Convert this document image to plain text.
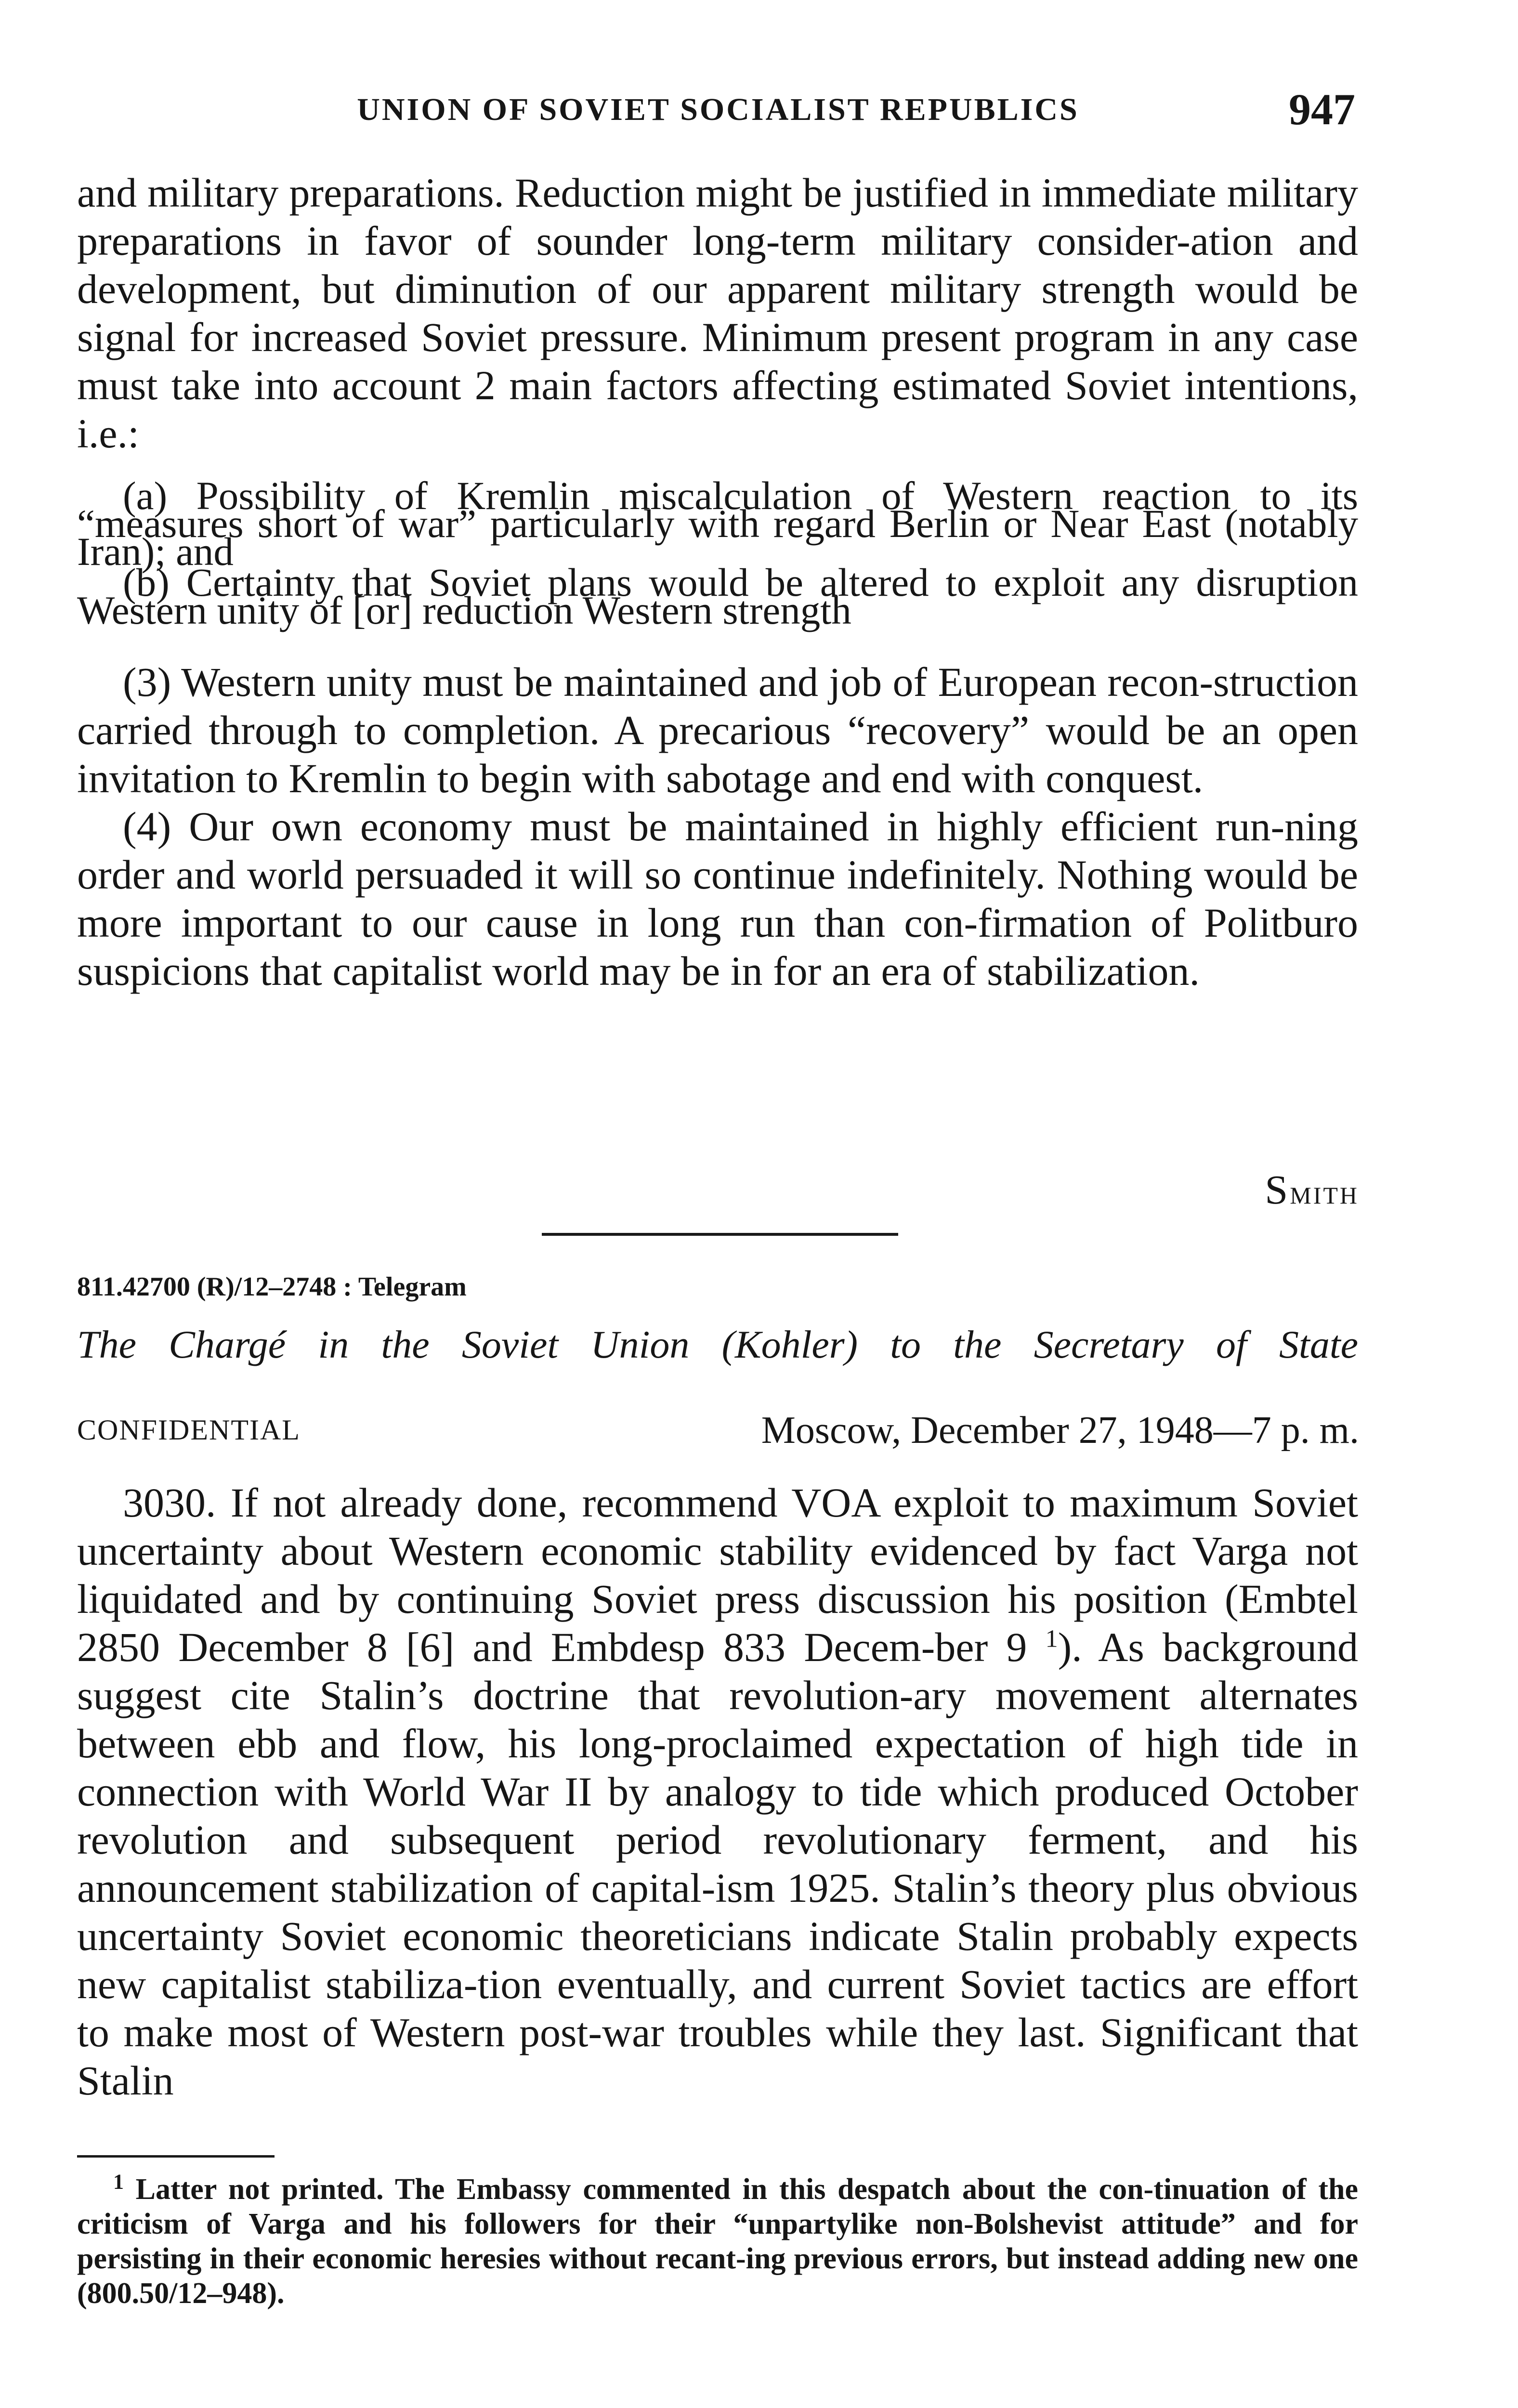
UNION OF SOVIET SOCIALIST REPUBLICS	947

and military preparations. Reduction might be justified in immediate military preparations in favor of sounder long-term military consider-ation and development, but diminution of our apparent military strength would be signal for increased Soviet pressure. Minimum present program in any case must take into account 2 main factors affecting estimated Soviet intentions, i.e.:

(a) Possibility of Kremlin miscalculation of Western reaction to its “measures short of war” particularly with regard Berlin or Near East (notably Iran); and

(b) Certainty that Soviet plans would be altered to exploit any disruption Western unity of [or] reduction Western strength

(3) Western unity must be maintained and job of European recon-struction carried through to completion. A precarious “recovery” would be an open invitation to Kremlin to begin with sabotage and end with conquest.

(4) Our own economy must be maintained in highly efficient run-ning order and world persuaded it will so continue indefinitely. Nothing would be more important to our cause in long run than con-firmation of Politburo suspicions that capitalist world may be in for an era of stabilization.

Smith
811.42700 (R)/12–2748 : Telegram
The Chargé in the Soviet Union (Kohler) to the Secretary of State
CONFIDENTIAL	Moscow, December 27, 1948—7 p. m.

3030. If not already done, recommend VOA exploit to maximum Soviet uncertainty about Western economic stability evidenced by fact Varga not liquidated and by continuing Soviet press discussion his position (Embtel 2850 December 8 [6] and Embdesp 833 Decem-ber 9 $^1$). As background suggest cite Stalin’s doctrine that revolution-ary movement alternates between ebb and flow, his long-proclaimed expectation of high tide in connection with World War II by analogy to tide which produced October revolution and subsequent period revolutionary ferment, and his announcement stabilization of capital-ism 1925. Stalin’s theory plus obvious uncertainty Soviet economic theoreticians indicate Stalin probably expects new capitalist stabiliza-tion eventually, and current Soviet tactics are effort to make most of Western post-war troubles while they last. Significant that Stalin

$^1$ Latter not printed. The Embassy commented in this despatch about the con-tinuation of the criticism of Varga and his followers for their “unpartylike non-Bolshevist attitude” and for persisting in their economic heresies without recant-ing previous errors, but instead adding new one (800.50/12–948).
